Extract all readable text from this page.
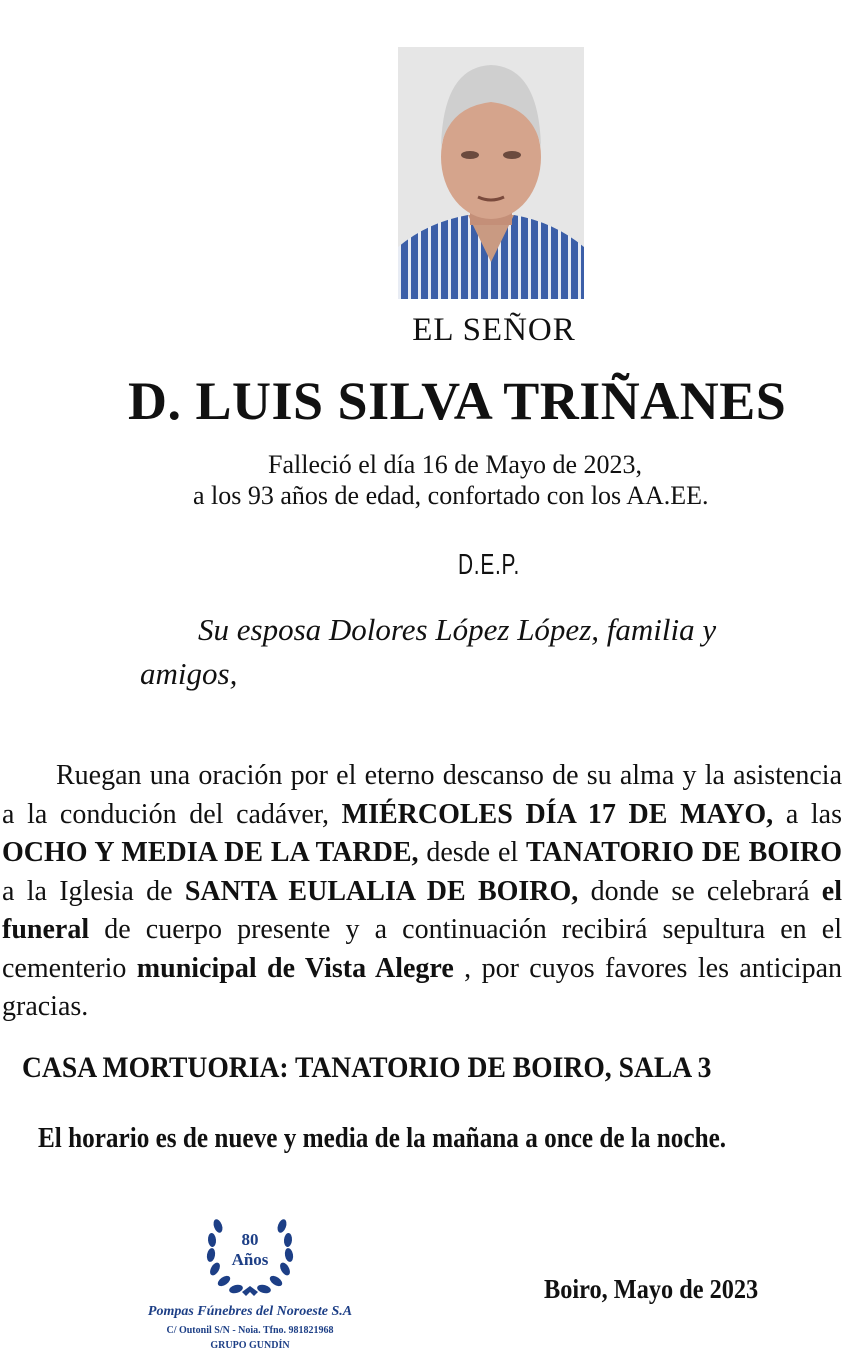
EL SEÑOR
D. LUIS SILVA TRIÑANES
Falleció el día 16 de Mayo de 2023,
a los 93 años de edad, confortado con los AA.EE.
D.E.P.
Su esposa Dolores López López, familia y
amigos,
Ruegan una oración por el eterno descanso de su alma y la asistencia a la condución del cadáver, MIÉRCOLES DÍA 17 DE MAYO, a las OCHO Y MEDIA DE LA TARDE, desde el TANATORIO DE BOIRO a la Iglesia de SANTA EULALIA DE BOIRO, donde se celebrará el funeral de cuerpo presente y a continuación recibirá sepultura en el cementerio municipal de Vista Alegre , por cuyos favores les anticipan gracias.
CASA MORTUORIA: TANATORIO DE BOIRO, SALA 3
El horario es de nueve y media de la mañana a once de la noche.
80
Años
Pompas Fúnebres del Noroeste S.A
C/ Outonil S/N - Noia. Tfno. 981821968
GRUPO GUNDÍN
Boiro, Mayo de 2023
